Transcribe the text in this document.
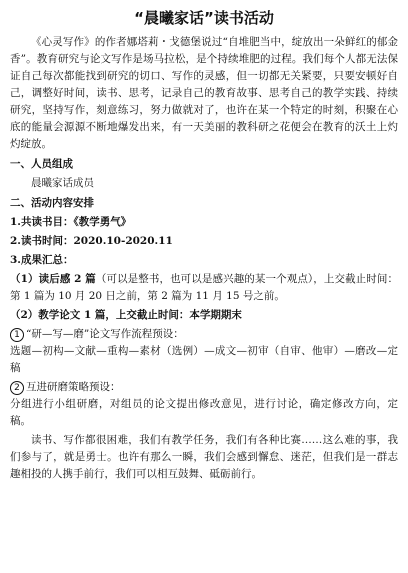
“晨曦家话”读书活动

《心灵写作》的作者娜塔莉・戈德堡说过“自堆肥当中，绽放出一朵鲜红的郁金香”。教育研究与论文写作是场马拉松，是个持续堆肥的过程。我们每个人都无法保证自己每次都能找到研究的切口、写作的灵感，但一切都无关紧要，只要安顿好自己，调整好时间，读书、思考，记录自己的教育故事、思考自己的教学实践、持续研究，坚持写作，刻意练习，努力做就对了，也许在某一个特定的时刻，积聚在心底的能量会源源不断地爆发出来，有一天美丽的教科研之花便会在教育的沃土上灼灼绽放。

一、人员组成

晨曦家话成员

二、活动内容安排

1.共读书目：《教学勇气》

2.读书时间：2020.10-2020.11

3.成果汇总：

（1）读后感 2 篇（可以是整书，也可以是感兴趣的某一个观点），上交截止时间：第 1 篇为 10 月 20 日之前，第 2 篇为 11 月 15 号之前。

（2）教学论文 1 篇，上交截止时间：本学期期末

1 “研—写—磨”论文写作流程预设：

选题—初构—文献—重构—素材（选例）—成文—初审（自审、他审）—磨改—定稿

2 互进研磨策略预设：

分组进行小组研磨，对组员的论文提出修改意见，进行讨论，确定修改方向，定稿。

读书、写作都很困难，我们有教学任务，我们有各种比赛……这么难的事，我们参与了，就是勇士。也许有那么一瞬，我们会感到懈怠、迷茫，但我们是一群志趣相投的人携手前行，我们可以相互鼓舞、砥砺前行。
